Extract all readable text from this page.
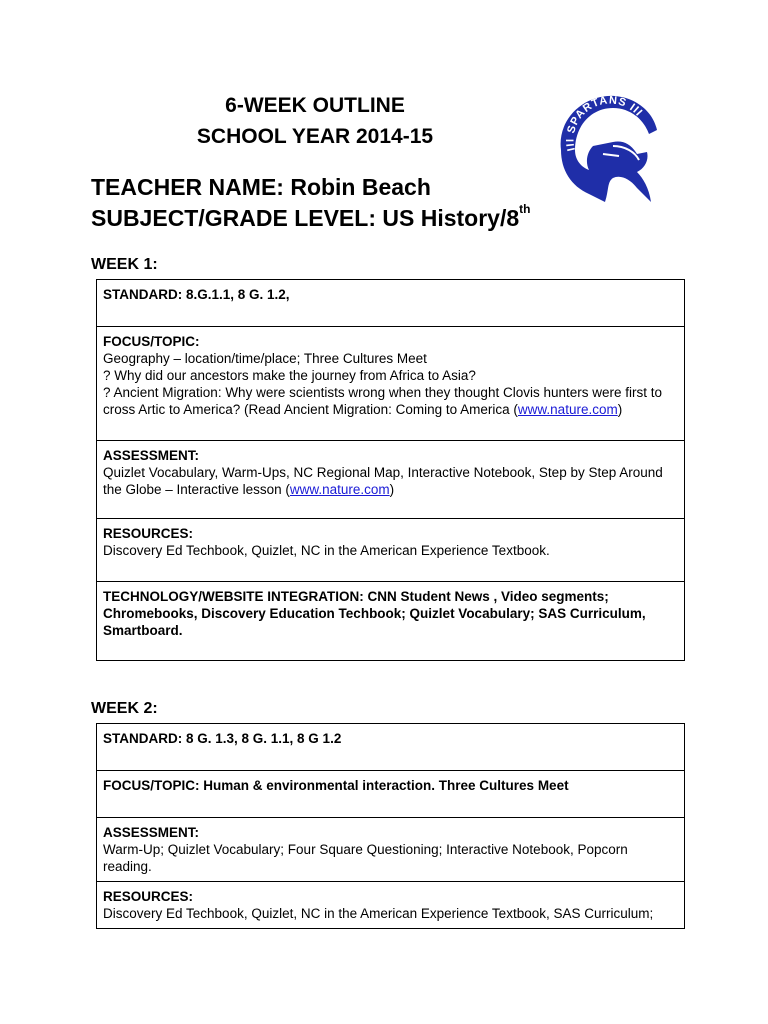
6-WEEK OUTLINE
SCHOOL YEAR 2014-15
III SPARTANS III
TEACHER NAME: Robin Beach
SUBJECT/GRADE LEVEL: US History/8th
WEEK 1:
STANDARD: 8.G.1.1, 8 G. 1.2,

FOCUS/TOPIC:
Geography – location/time/place; Three Cultures Meet
? Why did our ancestors make the journey from Africa to Asia?
? Ancient Migration: Why were scientists wrong when they thought Clovis hunters were first to cross Artic to America? (Read Ancient Migration: Coming to America (www.nature.com)

ASSESSMENT:
Quizlet Vocabulary, Warm-Ups, NC Regional Map, Interactive Notebook, Step by Step Around the Globe – Interactive lesson (www.nature.com)

RESOURCES:
Discovery Ed Techbook, Quizlet, NC in the American Experience Textbook.

TECHNOLOGY/WEBSITE INTEGRATION: CNN Student News , Video segments; Chromebooks, Discovery Education Techbook; Quizlet Vocabulary; SAS Curriculum, Smartboard.
WEEK 2:
STANDARD: 8 G. 1.3, 8 G. 1.1, 8 G 1.2
FOCUS/TOPIC: Human & environmental interaction. Three Cultures Meet

ASSESSMENT:
Warm-Up; Quizlet Vocabulary; Four Square Questioning; Interactive Notebook, Popcorn reading.

RESOURCES:
Discovery Ed Techbook, Quizlet, NC in the American Experience Textbook, SAS Curriculum;
